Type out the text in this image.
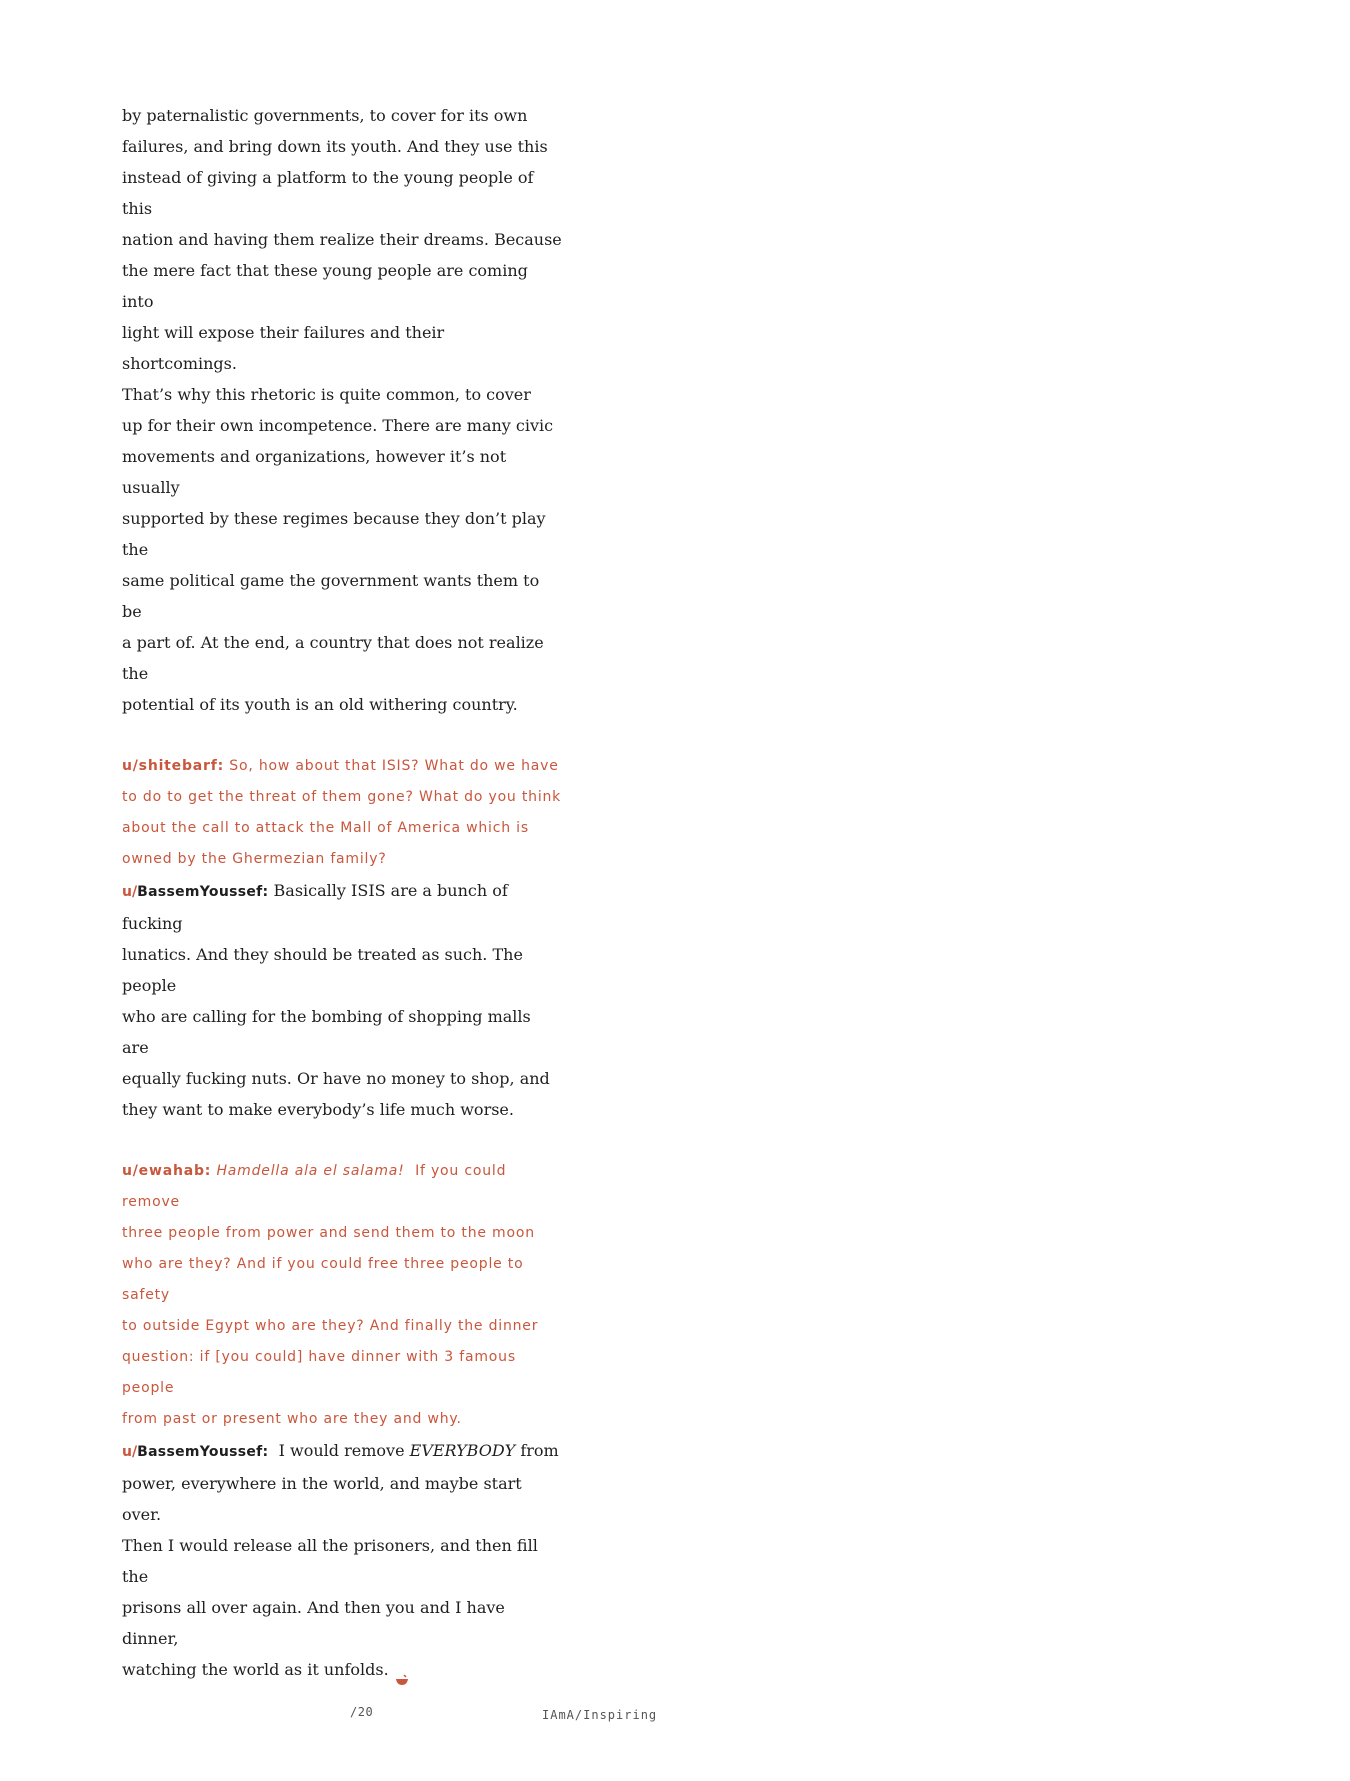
by paternalistic governments, to cover for its own
failures, and bring down its youth. And they use this
instead of giving a platform to the young people of this
nation and having them realize their dreams. Because
the mere fact that these young people are coming into
light will expose their failures and their shortcomings.
That’s why this rhetoric is quite common, to cover
up for their own incompetence. There are many civic
movements and organizations, however it’s not usually
supported by these regimes because they don’t play the
same political game the government wants them to be
a part of. At the end, a country that does not realize the
potential of its youth is an old withering country.

u/shitebarf: So, how about that ISIS? What do we have
to do to get the threat of them gone? What do you think
about the call to attack the Mall of America which is
owned by the Ghermezian family?

u/BassemYoussef: Basically ISIS are a bunch of fucking
lunatics. And they should be treated as such. The people
who are calling for the bombing of shopping malls are
equally fucking nuts. Or have no money to shop, and
they want to make everybody’s life much worse.

u/ewahab: Hamdella ala el salama! If you could remove
three people from power and send them to the moon
who are they? And if you could free three people to safety
to outside Egypt who are they? And finally the dinner
question: if [you could] have dinner with 3 famous people
from past or present who are they and why.

u/BassemYoussef: I would remove EVERYBODY from
power, everywhere in the world, and maybe start over.
Then I would release all the prisoners, and then fill the
prisons all over again. And then you and I have dinner,
watching the world as it unfolds.

/20	IAmA/Inspiring
